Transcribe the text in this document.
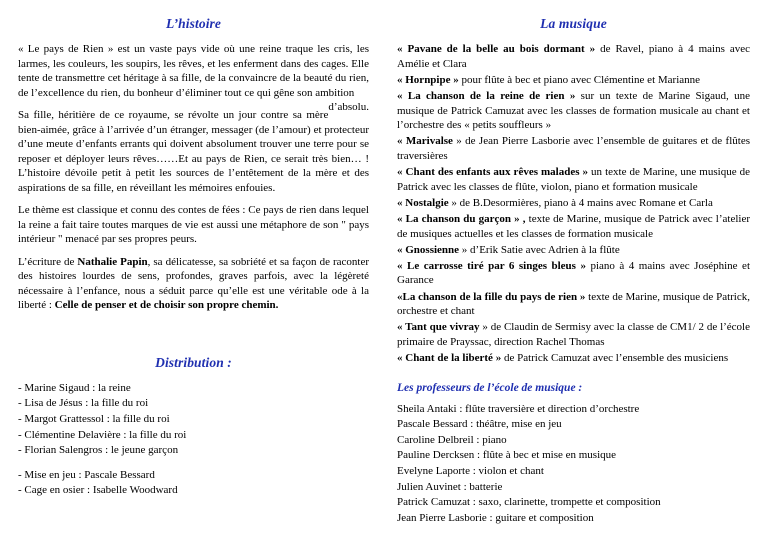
L’histoire

« Le pays de Rien » est un vaste pays vide où une reine traque les cris, les larmes, les couleurs, les soupirs, les rêves, et les enferment dans des cages. Elle tente de transmettre cet héritage à sa fille, de la convaincre de la beauté du rien, de l’excellence du rien, du bonheur d’éliminer tout ce qui gêne son ambition
d’absolu.

Sa fille, héritière de ce royaume, se révolte un jour contre sa mère bien-aimée, grâce à l’arrivée d’un étranger, messager (de l’amour) et protecteur d’une meute d’enfants errants qui doivent absolument trouver une terre pour se reposer et déployer leurs rêves……Et au pays de Rien, ce serait très bien… ! L’histoire dévoile petit à petit les sources de l’entêtement de la mère et des aspirations de sa fille, en réveillant les mémoires enfouies.

Le thème est classique et connu des contes de fées : Ce pays de rien dans lequel la reine a fait taire toutes marques de vie est aussi une métaphore de son " pays intérieur " menacé par ses propres peurs.

L’écriture de Nathalie Papin, sa délicatesse, sa sobriété et sa façon de raconter des histoires lourdes de sens, profondes, graves parfois, avec la légèreté nécessaire à l’enfance, nous a séduit parce qu’elle est une véritable ode à la liberté : Celle de penser et de choisir son propre chemin.

Distribution :
- Marine Sigaud : la reine
- Lisa de Jésus : la fille du roi
- Margot Grattessol : la fille du roi
- Clémentine Delavière : la fille du roi
- Florian Salengros : le jeune garçon
- Mise en jeu : Pascale Bessard
- Cage en osier : Isabelle Woodward
La musique
« Pavane de la belle au bois dormant » de Ravel, piano à 4 mains avec Amélie et Clara
« Hornpipe » pour flûte à bec et piano avec Clémentine et Marianne
« La chanson de la reine de rien » sur un texte de Marine Sigaud, une musique de Patrick Camuzat avec les classes de formation musicale au chant et l’orchestre des « petits souffleurs »
« Marivalse » de Jean Pierre Lasborie avec l’ensemble de guitares et de flûtes traversières
« Chant des enfants aux rêves malades » un texte de Marine, une musique de Patrick avec les classes de flûte, violon, piano et formation musicale
« Nostalgie » de B.Desormières, piano à 4 mains avec Romane et Carla
« La chanson du garçon » , texte de Marine, musique de Patrick avec l’atelier de musiques actuelles et les classes de formation musicale
« Gnossienne » d’Erik Satie avec Adrien à la flûte
« Le carrosse tiré par 6 singes bleus » piano à 4 mains avec Joséphine et Garance
«La chanson de la fille du pays de rien » texte de Marine, musique de Patrick, orchestre et chant
« Tant que vivray » de Claudin de Sermisy avec la classe de CM1/ 2 de l’école primaire de Prayssac, direction Rachel Thomas
« Chant de la liberté » de Patrick Camuzat avec l’ensemble des musiciens
Les professeurs de l’école de musique :
Sheila Antaki : flûte traversière et direction d’orchestre
Pascale Bessard : théâtre, mise en jeu
Caroline Delbreil : piano
Pauline Dercksen : flûte à bec et mise en musique
Evelyne Laporte : violon et chant
Julien Auvinet : batterie
Patrick Camuzat : saxo, clarinette, trompette et composition
Jean Pierre Lasborie : guitare et composition
